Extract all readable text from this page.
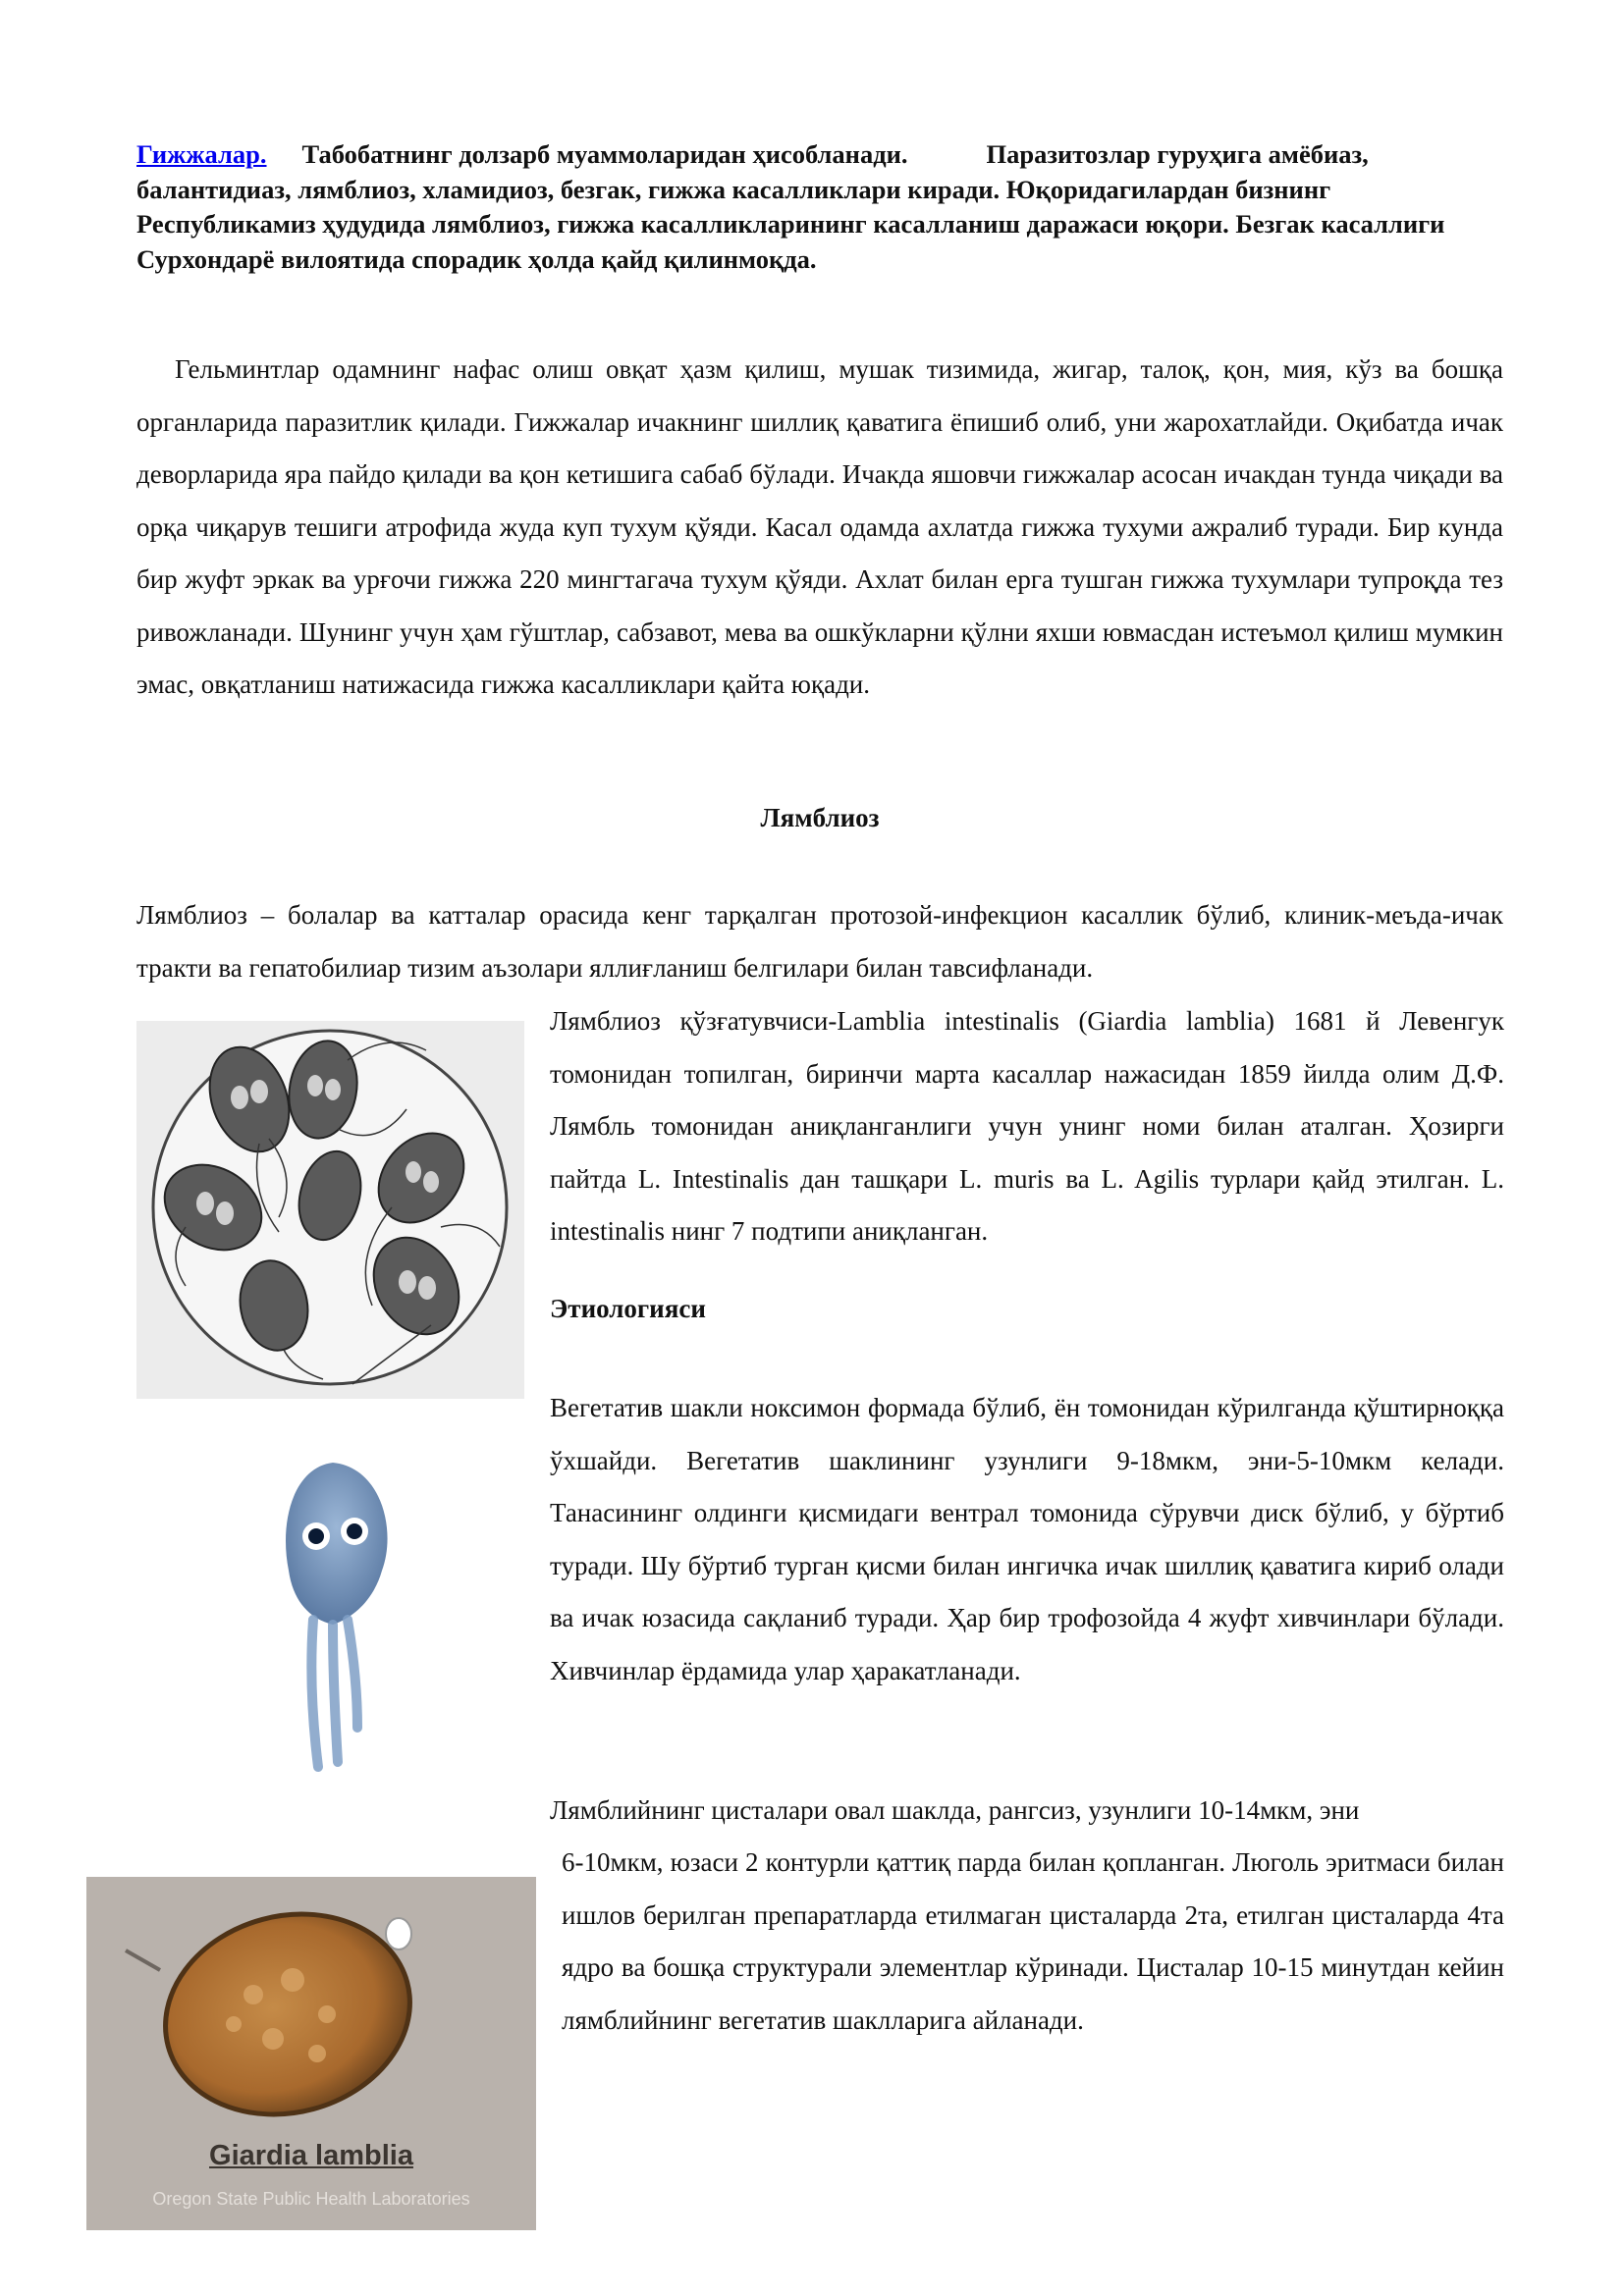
Гижжалар. Табобатнинг долзарб муаммоларидан ҳисобланади.	Паразитозлар гуруҳига амёбиаз, балантидиаз, лямблиоз, хламидиоз, безгак, гижжа касалликлари киради. Юқоридагилардан бизнинг Республикамиз ҳудудида лямблиоз, гижжа касалликларининг касалланиш даражаси юқори. Безгак касаллиги Сурхондарё вилоятида спорадик ҳолда қайд қилинмоқда.

Гельминтлар одамнинг нафас олиш овқат ҳазм қилиш, мушак тизимида, жигар, талоқ, қон, мия, кўз ва бошқа органларида паразитлик қилади. Гижжалар ичакнинг шиллиқ қаватига ёпишиб олиб, уни жарохатлайди. Оқибатда ичак деворларида яра пайдо қилади ва қон кетишига сабаб бўлади. Ичакда яшовчи гижжалар асосан ичакдан тунда чиқади ва орқа чиқарув тешиги атрофида жуда куп тухум қўяди. Касал одамда ахлатда гижжа тухуми ажралиб туради. Бир кунда бир жуфт эркак ва урғочи гижжа 220 мингтагача тухум қўяди. Ахлат билан ерга тушган гижжа тухумлари тупроқда тез ривожланади. Шунинг учун ҳам гўштлар, сабзавот, мева ва ошкўкларни қўлни яхши ювмасдан истеъмол қилиш мумкин эмас, овқатланиш натижасида гижжа касалликлари қайта юқади.

Лямблиоз

Лямблиоз – болалар ва катталар орасида кенг тарқалган протозой-инфекцион касаллик бўлиб, клиник-меъда-ичак тракти ва гепатобилиар тизим аъзолари яллиғланиш белгилари билан тавсифланади.

Лямблиоз қўзғатувчиси-Lamblia intestinalis (Giardia lamblia) 1681 й Левенгук томонидан топилган, биринчи марта касаллар нажасидан 1859 йилда олим Д.Ф. Лямбль томонидан аниқланганлиги учун унинг номи билан аталган. Ҳозирги пайтда L. Intestinalis дан ташқари L. muris ва L. Agilis турлари қайд этилган. L. intestinalis нинг 7 подтипи аниқланган.

Этиологияси

Вегетатив шакли ноксимон формада бўлиб, ён томонидан кўрилганда қўштирноққа ўхшайди. Вегетатив шаклининг узунлиги 9-18мкм, эни-5-10мкм келади. Танасининг олдинги қисмидаги вентрал томонида сўрувчи диск бўлиб, у бўртиб туради. Шу бўртиб турган қисми билан ингичка ичак шиллиқ қаватига кириб олади ва ичак юзасида сақланиб туради. Ҳар бир трофозойда 4 жуфт хивчинлари бўлади. Хивчинлар ёрдамида улар ҳаракатланади.

Лямблийнинг цисталари овал шаклда, рангсиз, узунлиги 10-14мкм, эни

6-10мкм, юзаси 2 контурли қаттиқ парда билан қопланган. Люголь эритмаси билан ишлов берилган препаратларда етилмаган цисталарда 2та, етилган цисталарда 4та ядро ва бошқа структурали элементлар кўринади. Цисталар 10-15 минутдан кейин лямблийнинг вегетатив шаклларига айланади.

Giardia lamblia
Oregon State Public Health Laboratories
